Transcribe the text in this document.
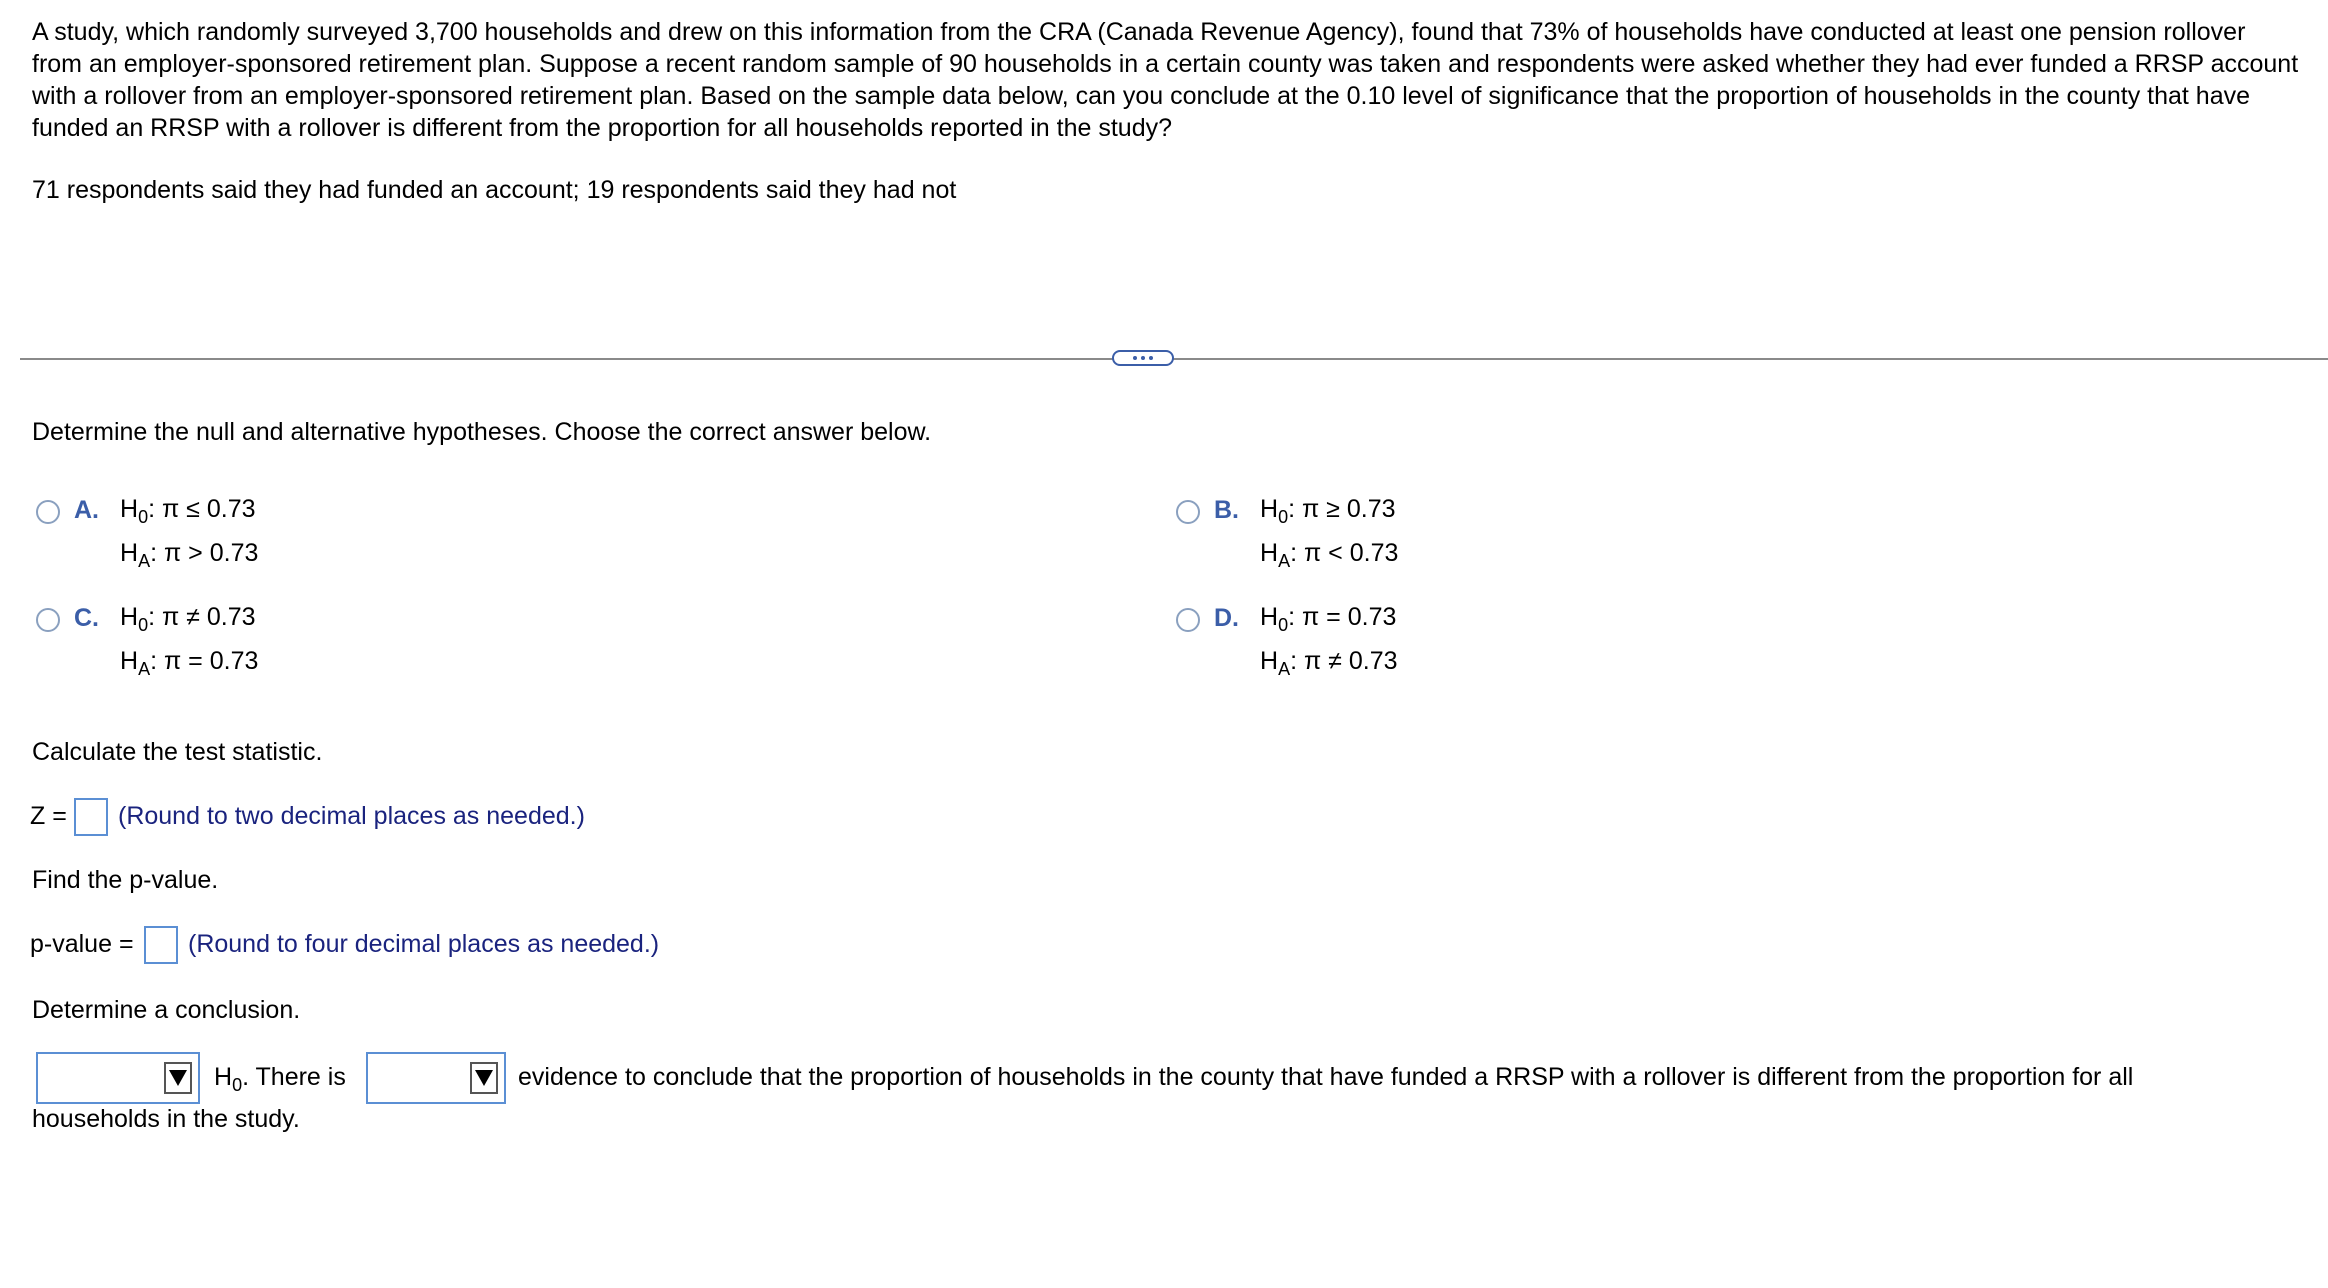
A study, which randomly surveyed 3,700 households and drew on this information from the CRA (Canada Revenue Agency), found that 73% of households have conducted at least one pension rollover from an employer-sponsored retirement plan. Suppose a recent random sample of 90 households in a certain county was taken and respondents were asked whether they had ever funded a RRSP account with a rollover from an employer-sponsored retirement plan. Based on the sample data below, can you conclude at the 0.10 level of significance that the proportion of households in the county that have funded an RRSP with a rollover is different from the proportion for all households reported in the study?
71 respondents said they had funded an account; 19 respondents said they had not
Determine the null and alternative hypotheses. Choose the correct answer below.
A. $H_0$: π ≤ 0.73
$H_A$: π > 0.73
B. $H_0$: π ≥ 0.73
$H_A$: π < 0.73
C. $H_0$: π ≠ 0.73
$H_A$: π = 0.73
D. $H_0$: π = 0.73
$H_A$: π ≠ 0.73
Calculate the test statistic.
Z = (Round to two decimal places as needed.)
Find the p-value.
p-value = (Round to four decimal places as needed.)
Determine a conclusion.
$H_0$. There is	evidence to conclude that the proportion of households in the county that have funded a RRSP with a rollover is different from the proportion for all
households in the study.
